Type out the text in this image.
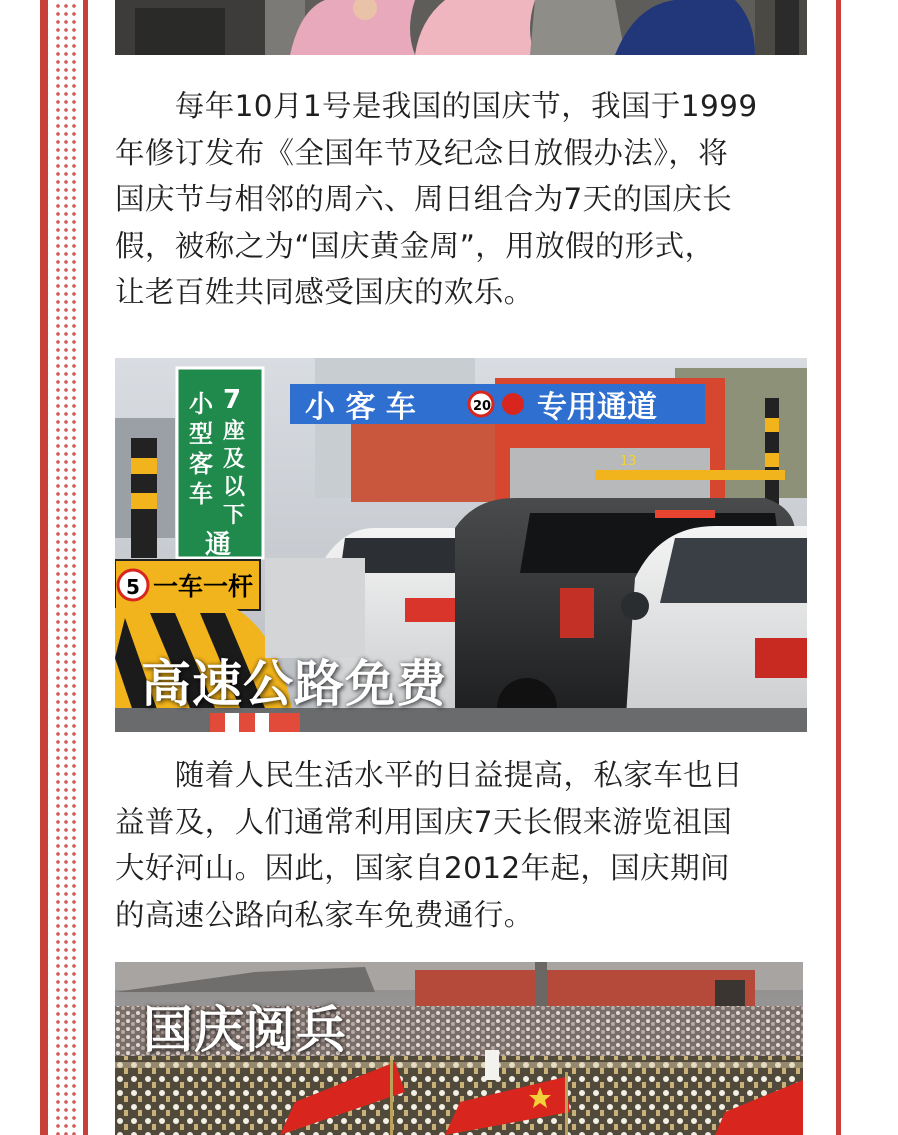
　　每年10月1号是我国的国庆节，我国于1999
年修订发布《全国年节及纪念日放假办法》，将
国庆节与相邻的周六、周日组合为7天的国庆长
假，被称之为“国庆黄金周”，用放假的形式，
让老百姓共同感受国庆的欢乐。
13
小 客 车	20 专用通道
7
小型客车
座及以下
通
5 一车一杆
高速公路免费
　　随着人民生活水平的日益提高，私家车也日
益普及，人们通常利用国庆7天长假来游览祖国
大好河山。因此，国家自2012年起，国庆期间
的高速公路向私家车免费通行。
国庆阅兵
